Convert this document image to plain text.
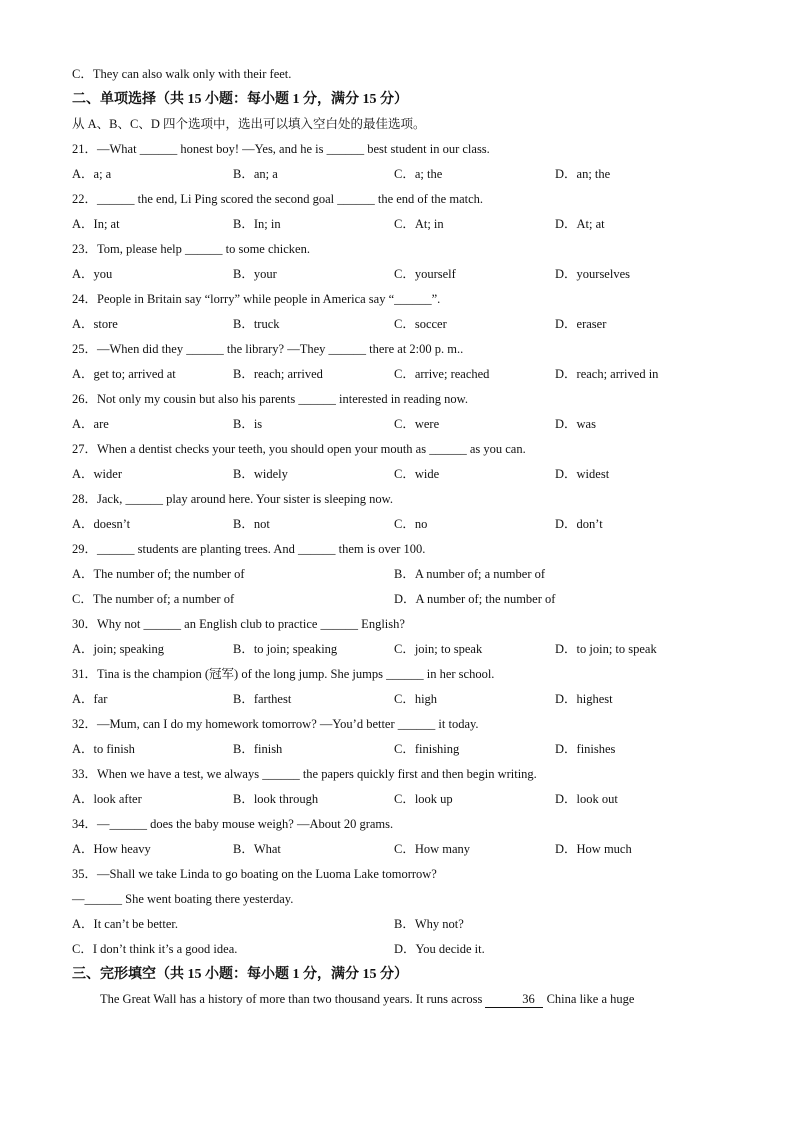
C．They can also walk only with their feet.
二、单项选择（共 15 小题：每小题 1 分，满分 15 分）
从 A、B、C、D 四个选项中，选出可以填入空白处的最佳选项。
21．—What ______ honest boy! —Yes, and he is ______ best student in our class.
A．a; a	B．an; a	C．a; the	D．an; the
22．______ the end, Li Ping scored the second goal ______ the end of the match.
A．In; at	B．In; in	C．At; in	D．At; at
23．Tom, please help ______ to some chicken.
A．you	B．your	C．yourself	D．yourselves
24．People in Britain say “lorry” while people in America say “______”.
A．store	B．truck	C．soccer	D．eraser
25．—When did they ______ the library? —They ______ there at 2:00 p. m..
A．get to; arrived at	B．reach; arrived	C．arrive; reached	D．reach; arrived in
26．Not only my cousin but also his parents ______ interested in reading now.
A．are	B．is	C．were	D．was
27．When a dentist checks your teeth, you should open your mouth as ______ as you can.
A．wider	B．widely	C．wide	D．widest
28．Jack, ______ play around here. Your sister is sleeping now.
A．doesn’t	B．not	C．no	D．don’t
29．______ students are planting trees. And ______ them is over 100.
A．The number of; the number of	B．A number of; a number of
C．The number of; a number of	D．A number of; the number of
30．Why not ______ an English club to practice ______ English?
A．join; speaking	B．to join; speaking	C．join; to speak	D．to join; to speak
31．Tina is the champion (冠军) of the long jump. She jumps ______ in her school.
A．far	B．farthest	C．high	D．highest
32．—Mum, can I do my homework tomorrow? —You’d better ______ it today.
A．to finish	B．finish	C．finishing	D．finishes
33．When we have a test, we always ______ the papers quickly first and then begin writing.
A．look after	B．look through	C．look up	D．look out
34．—______ does the baby mouse weigh? —About 20 grams.
A．How heavy	B．What	C．How many	D．How much
35．—Shall we take Linda to go boating on the Luoma Lake tomorrow?
—______ She went boating there yesterday.
A．It can’t be better.	B．Why not?
C．I don’t think it’s a good idea.	D．You decide it.
三、完形填空（共 15 小题：每小题 1 分，满分 15 分）
The Great Wall has a history of more than two thousand years. It runs across	36 China like a huge
